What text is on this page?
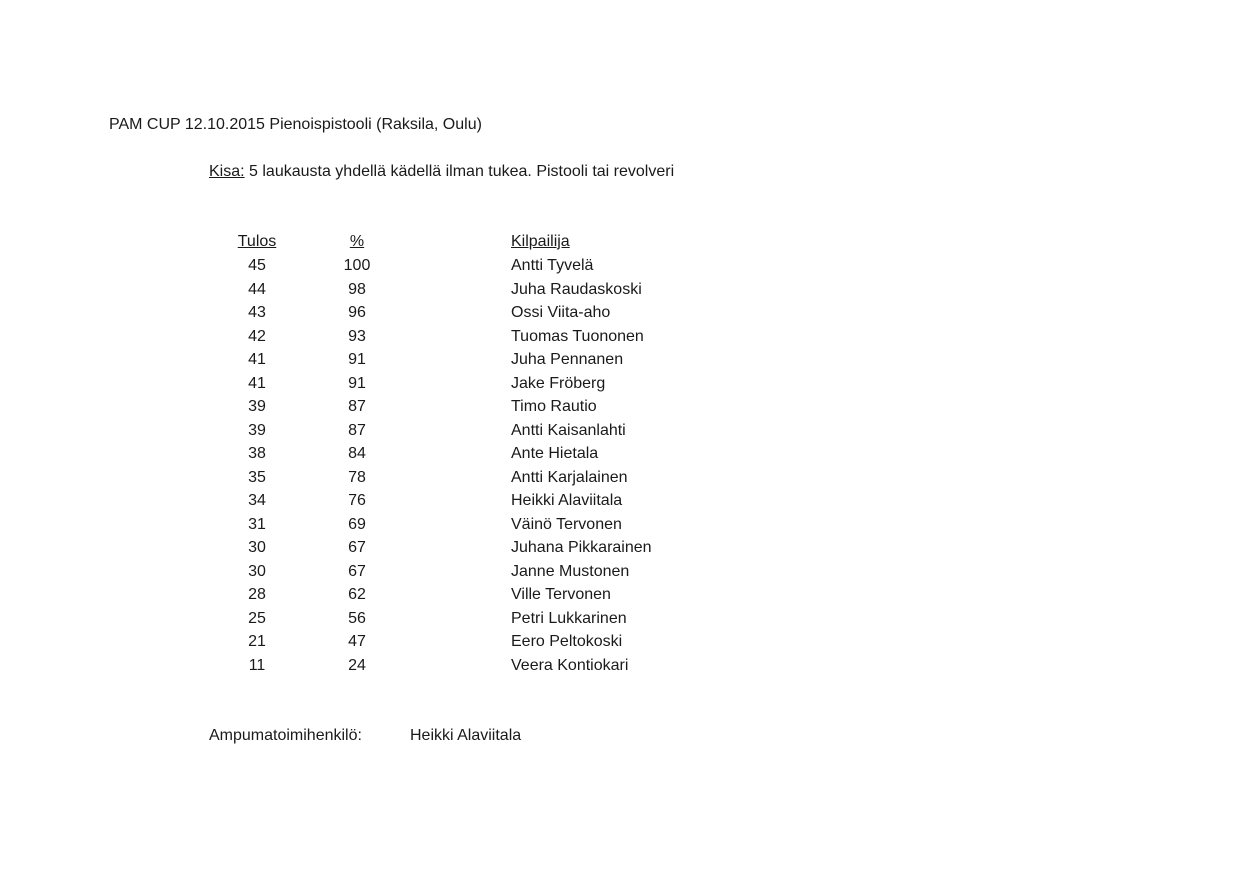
PAM CUP 12.10.2015 Pienoispistooli (Raksila, Oulu)
Kisa: 5 laukausta yhdellä kädellä ilman tukea. Pistooli tai revolveri
Tulos	%	Kilpailija
45	100	Antti Tyvelä
44	98	Juha Raudaskoski
43	96	Ossi Viita-aho
42	93	Tuomas Tuononen
41	91	Juha Pennanen
41	91	Jake Fröberg
39	87	Timo Rautio
39	87	Antti Kaisanlahti
38	84	Ante Hietala
35	78	Antti Karjalainen
34	76	Heikki Alaviitala
31	69	Väinö Tervonen
30	67	Juhana Pikkarainen
30	67	Janne Mustonen
28	62	Ville Tervonen
25	56	Petri Lukkarinen
21	47	Eero Peltokoski
11	24	Veera Kontiokari
Ampumatoimihenkilö:	Heikki Alaviitala
